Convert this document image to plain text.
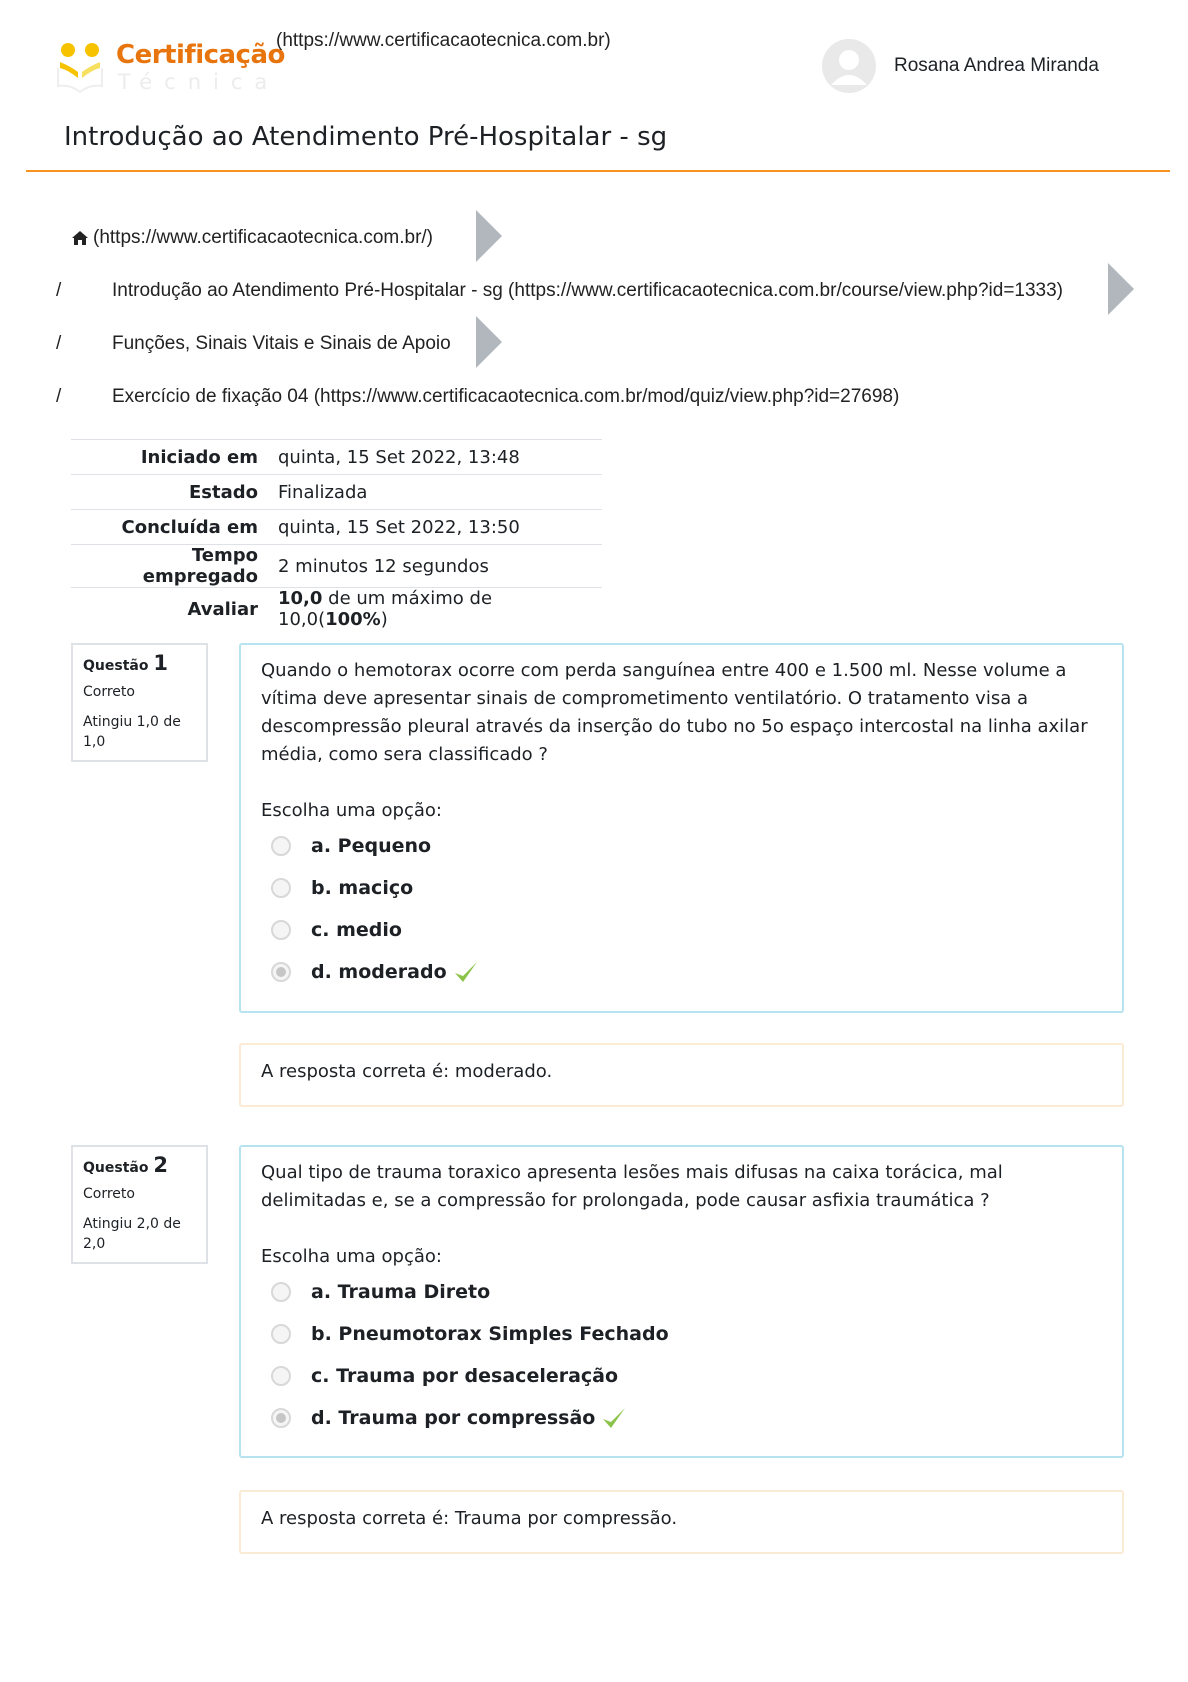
Certificação
Técnica
(https://www.certificacaotecnica.com.br)
Rosana Andrea Miranda
Introdução ao Atendimento Pré-Hospitalar - sg
(https://www.certificacaotecnica.com.br/)
/	Introdução ao Atendimento Pré-Hospitalar - sg (https://www.certificacaotecnica.com.br/course/view.php?id=1333)
/	Funções, Sinais Vitais e Sinais de Apoio
/	Exercício de fixação 04 (https://www.certificacaotecnica.com.br/mod/quiz/view.php?id=27698)
Iniciado em	quinta, 15 Set 2022, 13:48
Estado	Finalizada
Concluída em	quinta, 15 Set 2022, 13:50
Tempo empregado	2 minutos 12 segundos
Avaliar	10,0 de um máximo de 10,0(100%)
Questão 1
Correto
Atingiu 1,0 de 1,0
Quando o hemotorax ocorre com perda sanguínea entre 400 e 1.500 ml. Nesse volume a vítima deve apresentar sinais de comprometimento ventilatório. O tratamento visa a descompressão pleural através da inserção do tubo no 5o espaço intercostal na linha axilar média, como sera classificado ?
Escolha uma opção:
a. Pequeno
b. maciço
c. medio
d. moderado
A resposta correta é: moderado.
Questão 2
Correto
Atingiu 2,0 de 2,0
Qual tipo de trauma toraxico apresenta lesões mais difusas na caixa torácica, mal delimitadas e, se a compressão for prolongada, pode causar asfixia traumática ?
Escolha uma opção:
a. Trauma Direto
b. Pneumotorax Simples Fechado
c. Trauma por desaceleração
d. Trauma por compressão
A resposta correta é: Trauma por compressão.
